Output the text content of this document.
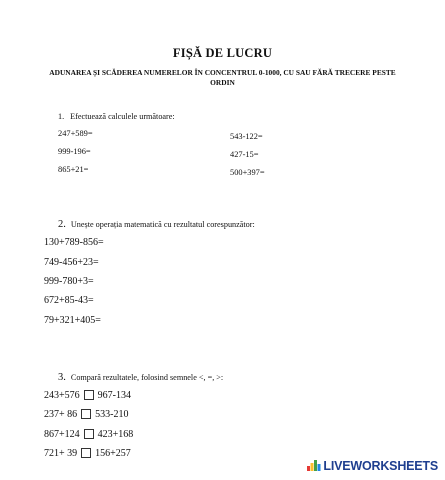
FIȘĂ DE LUCRU
ADUNAREA ȘI SCĂDEREA NUMERELOR ÎN CONCENTRUL 0-1000, CU SAU FĂRĂ TRECERE PESTE ORDIN
1. Efectuează calculele următoare:
247+589=
999-196=
865+21=
543-122=
427-15=
500+397=
2. Unește operația matematică cu rezultatul corespunzător:
130+789-856=
749-456+23=
999-780+3=
672+85-43=
79+321+405=
3. Compară rezultatele, folosind semnele <, =, >:
243+576 967-134
237+ 86 533-210
867+124 423+168
721+ 39 156+257
LIVEWORKSHEETS
